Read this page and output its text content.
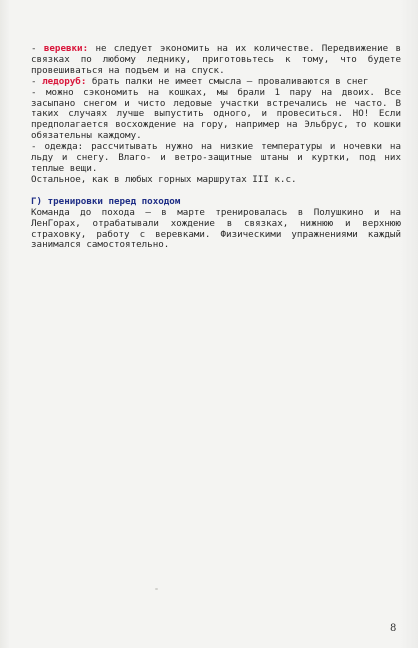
- веревки: не следует экономить на их количестве. Передвижение в связках по любому леднику, приготовьтесь к тому, что будете провешиваться на подъем и на спуск.

- ледоруб: брать палки не имеет смысла – проваливаются в снег

- можно сэкономить на кошках, мы брали 1 пару на двоих. Все засыпано снегом и чисто ледовые участки встречались не часто. В таких случаях лучше выпустить одного, и провеситься. НО! Если предполагается восхождение на гору, например на Эльбрус, то кошки обязательны каждому.

- одежда: рассчитывать нужно на низкие температуры и ночевки на льду и снегу. Влаго- и ветро-защитные штаны и куртки, под них теплые вещи.

Остальное, как в любых горных маршрутах III к.с.

Г) тренировки перед походом

Команда до похода – в марте тренировалась в Полушкино и на ЛенГорах, отрабатывали хождение в связках, нижнюю и верхнюю страховку, работу с веревками. Физическими упражнениями каждый занимался самостоятельно.

8
